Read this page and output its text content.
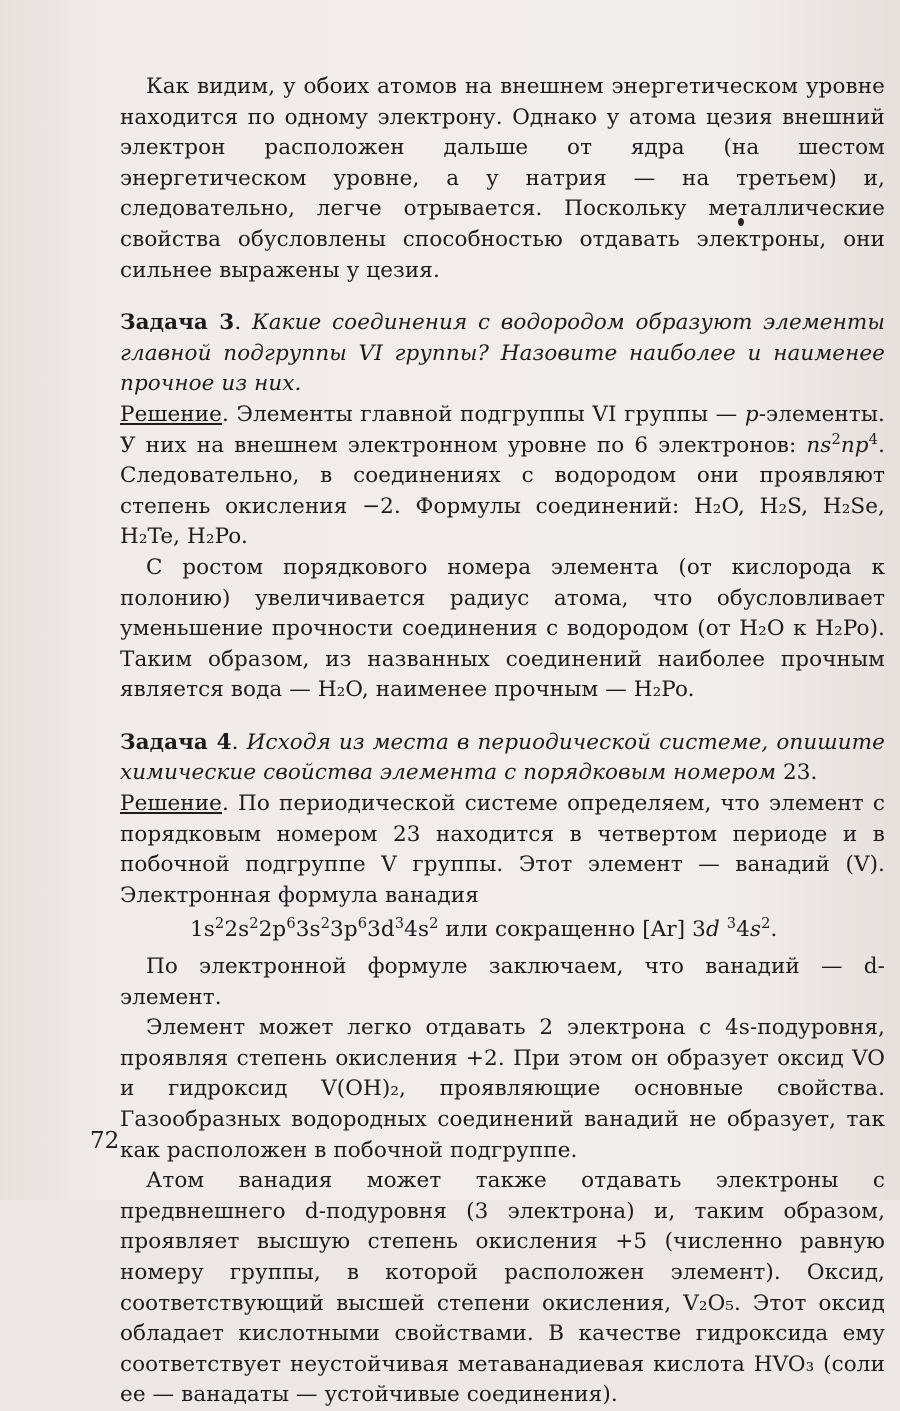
Как видим, у обоих атомов на внешнем энергетическом уровне находится по одному электрону. Однако у атома цезия внешний электрон расположен дальше от ядра (на шестом энергетическом уровне, а у натрия — на третьем) и, следовательно, легче отрывается. Поскольку металлические свойства обусловлены способностью отдавать электроны, они сильнее выражены у цезия.

Задача 3. Какие соединения с водородом образуют элементы главной подгруппы VI группы? Назовите наиболее и наименее прочное из них.

Решение. Элементы главной подгруппы VI группы — p-элементы. У них на внешнем электронном уровне по 6 электронов: $ns^2np^4$. Следовательно, в соединениях с водородом они проявляют степень окисления −2. Формулы соединений: H₂O, H₂S, H₂Se, H₂Te, H₂Po.

С ростом порядкового номера элемента (от кислорода к полонию) увеличивается радиус атома, что обусловливает уменьшение прочности соединения с водородом (от H₂O к H₂Po). Таким образом, из названных соединений наиболее прочным является вода — H₂O, наименее прочным — H₂Po.

Задача 4. Исходя из места в периодической системе, опишите химические свойства элемента с порядковым номером 23.

Решение. По периодической системе определяем, что элемент с порядковым номером 23 находится в четвертом периоде и в побочной подгруппе V группы. Этот элемент — ванадий (V). Электронная формула ванадия

$1s^22s^22p^63s^23p^63d^34s^2$ или сокращенно [Ar] 3d $^34s^2$.

По электронной формуле заключаем, что ванадий — d-элемент.

Элемент может легко отдавать 2 электрона с 4s-подуровня, проявляя степень окисления +2. При этом он образует оксид VO и гидроксид V(OH)₂, проявляющие основные свойства. Газообразных водородных соединений ванадий не образует, так как расположен в побочной подгруппе.

Атом ванадия может также отдавать электроны с предвнешнего d-подуровня (3 электрона) и, таким образом, проявляет высшую степень окисления +5 (численно равную номеру группы, в которой расположен элемент). Оксид, соответствующий высшей степени окисления, V₂O₅. Этот оксид обладает кислотными свойствами. В качестве гидроксида ему соответствует неустойчивая метаванадиевая кислота HVO₃ (соли ее — ванадаты — устойчивые соединения).

72
